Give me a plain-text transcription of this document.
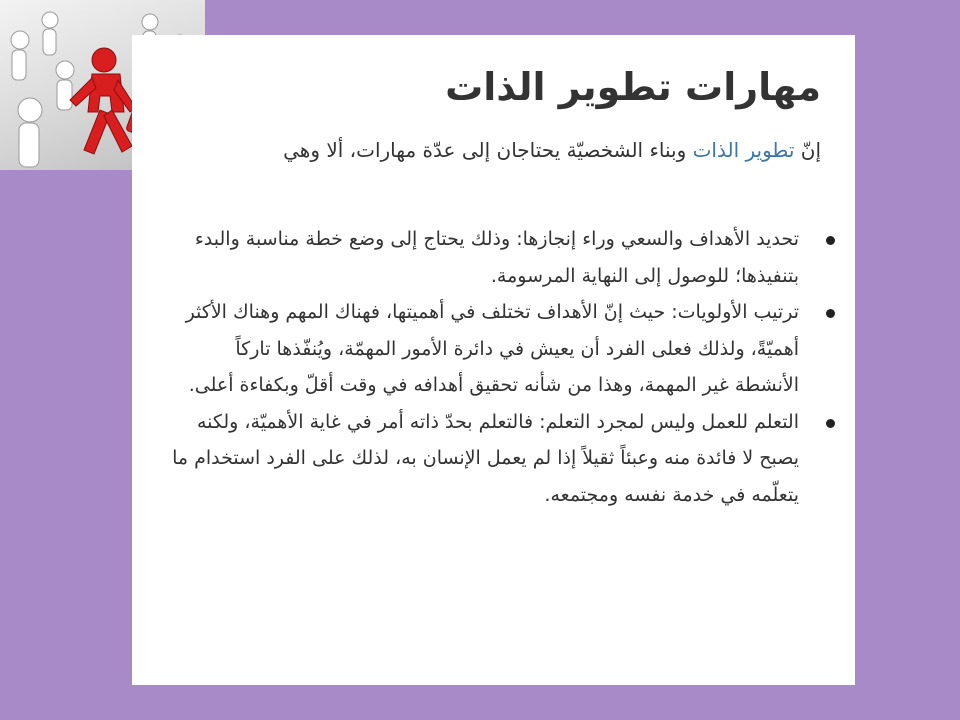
مهارات تطوير الذات

إنّ تطوير الذات وبناء الشخصيّة يحتاجان إلى عدّة مهارات، ألا وهي

تحديد الأهداف والسعي وراء إنجازها: وذلك يحتاج إلى وضع خطة مناسبة والبدء بتنفيذها؛ للوصول إلى النهاية المرسومة.
ترتيب الأولويات: حيث إنّ الأهداف تختلف في أهميتها، فهناك المهم وهناك الأكثر أهميّةً، ولذلك فعلى الفرد أن يعيش في دائرة الأمور المهمّة، ويُنفّذها تاركاً الأنشطة غير المهمة، وهذا من شأنه تحقيق أهدافه في وقت أقلّ وبكفاءة أعلى.
التعلم للعمل وليس لمجرد التعلم: فالتعلم بحدّ ذاته أمر في غاية الأهميّة، ولكنه يصبح لا فائدة منه وعبئاً ثقيلاً إذا لم يعمل الإنسان به، لذلك على الفرد استخدام ما يتعلّمه في خدمة نفسه ومجتمعه.
